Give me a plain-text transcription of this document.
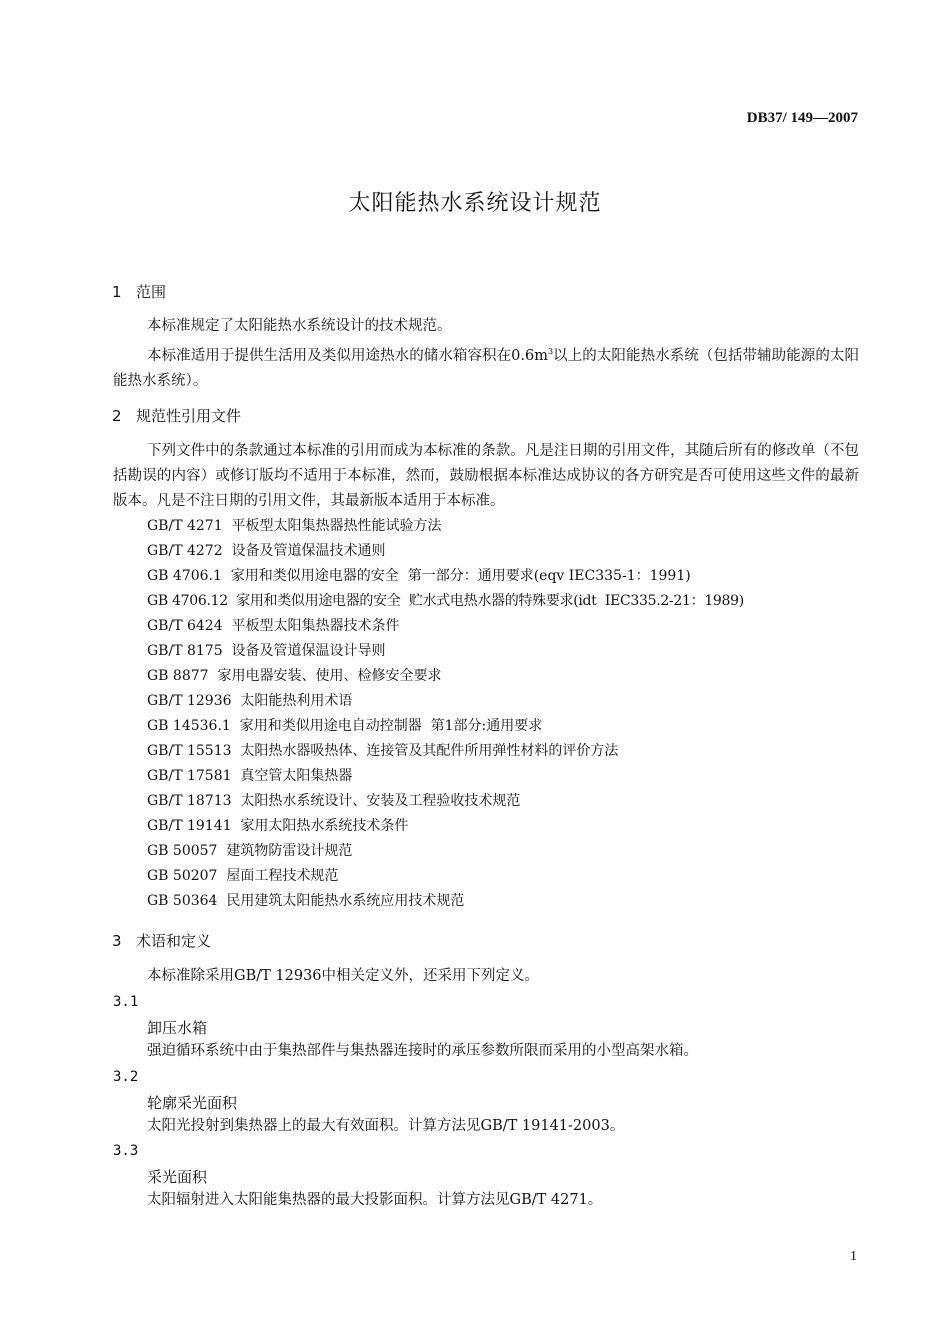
DB37/ 149—2007
太阳能热水系统设计规范
1 范围
本标准规定了太阳能热水系统设计的技术规范。
本标准适用于提供生活用及类似用途热水的储水箱容积在$0.6m^3$以上的太阳能热水系统（包括带辅助能源的太阳能热水系统）。
2 规范性引用文件
下列文件中的条款通过本标准的引用而成为本标准的条款。凡是注日期的引用文件，其随后所有的修改单（不包括勘误的内容）或修订版均不适用于本标准，然而，鼓励根据本标准达成协议的各方研究是否可使用这些文件的最新版本。凡是不注日期的引用文件，其最新版本适用于本标准。
GB/T 4271  平板型太阳集热器热性能试验方法
GB/T 4272  设备及管道保温技术通则
GB 4706.1  家用和类似用途电器的安全  第一部分：通用要求(eqv IEC335-1：1991)
GB 4706.12  家用和类似用途电器的安全  贮水式电热水器的特殊要求(idt  IEC335.2-21：1989)
GB/T 6424  平板型太阳集热器技术条件
GB/T 8175  设备及管道保温设计导则
GB 8877  家用电器安装、使用、检修安全要求
GB/T 12936  太阳能热利用术语
GB 14536.1  家用和类似用途电自动控制器  第1部分:通用要求
GB/T 15513  太阳热水器吸热体、连接管及其配件所用弹性材料的评价方法
GB/T 17581  真空管太阳集热器
GB/T 18713  太阳热水系统设计、安装及工程验收技术规范
GB/T 19141  家用太阳热水系统技术条件
GB 50057  建筑物防雷设计规范
GB 50207  屋面工程技术规范
GB 50364  民用建筑太阳能热水系统应用技术规范
3 术语和定义
本标准除采用GB/T 12936中相关定义外，还采用下列定义。
3.1
卸压水箱
强迫循环系统中由于集热部件与集热器连接时的承压参数所限而采用的小型高架水箱。
3.2
轮廓采光面积
太阳光投射到集热器上的最大有效面积。计算方法见GB/T 19141-2003。
3.3
采光面积
太阳辐射进入太阳能集热器的最大投影面积。计算方法见GB/T 4271。
1
